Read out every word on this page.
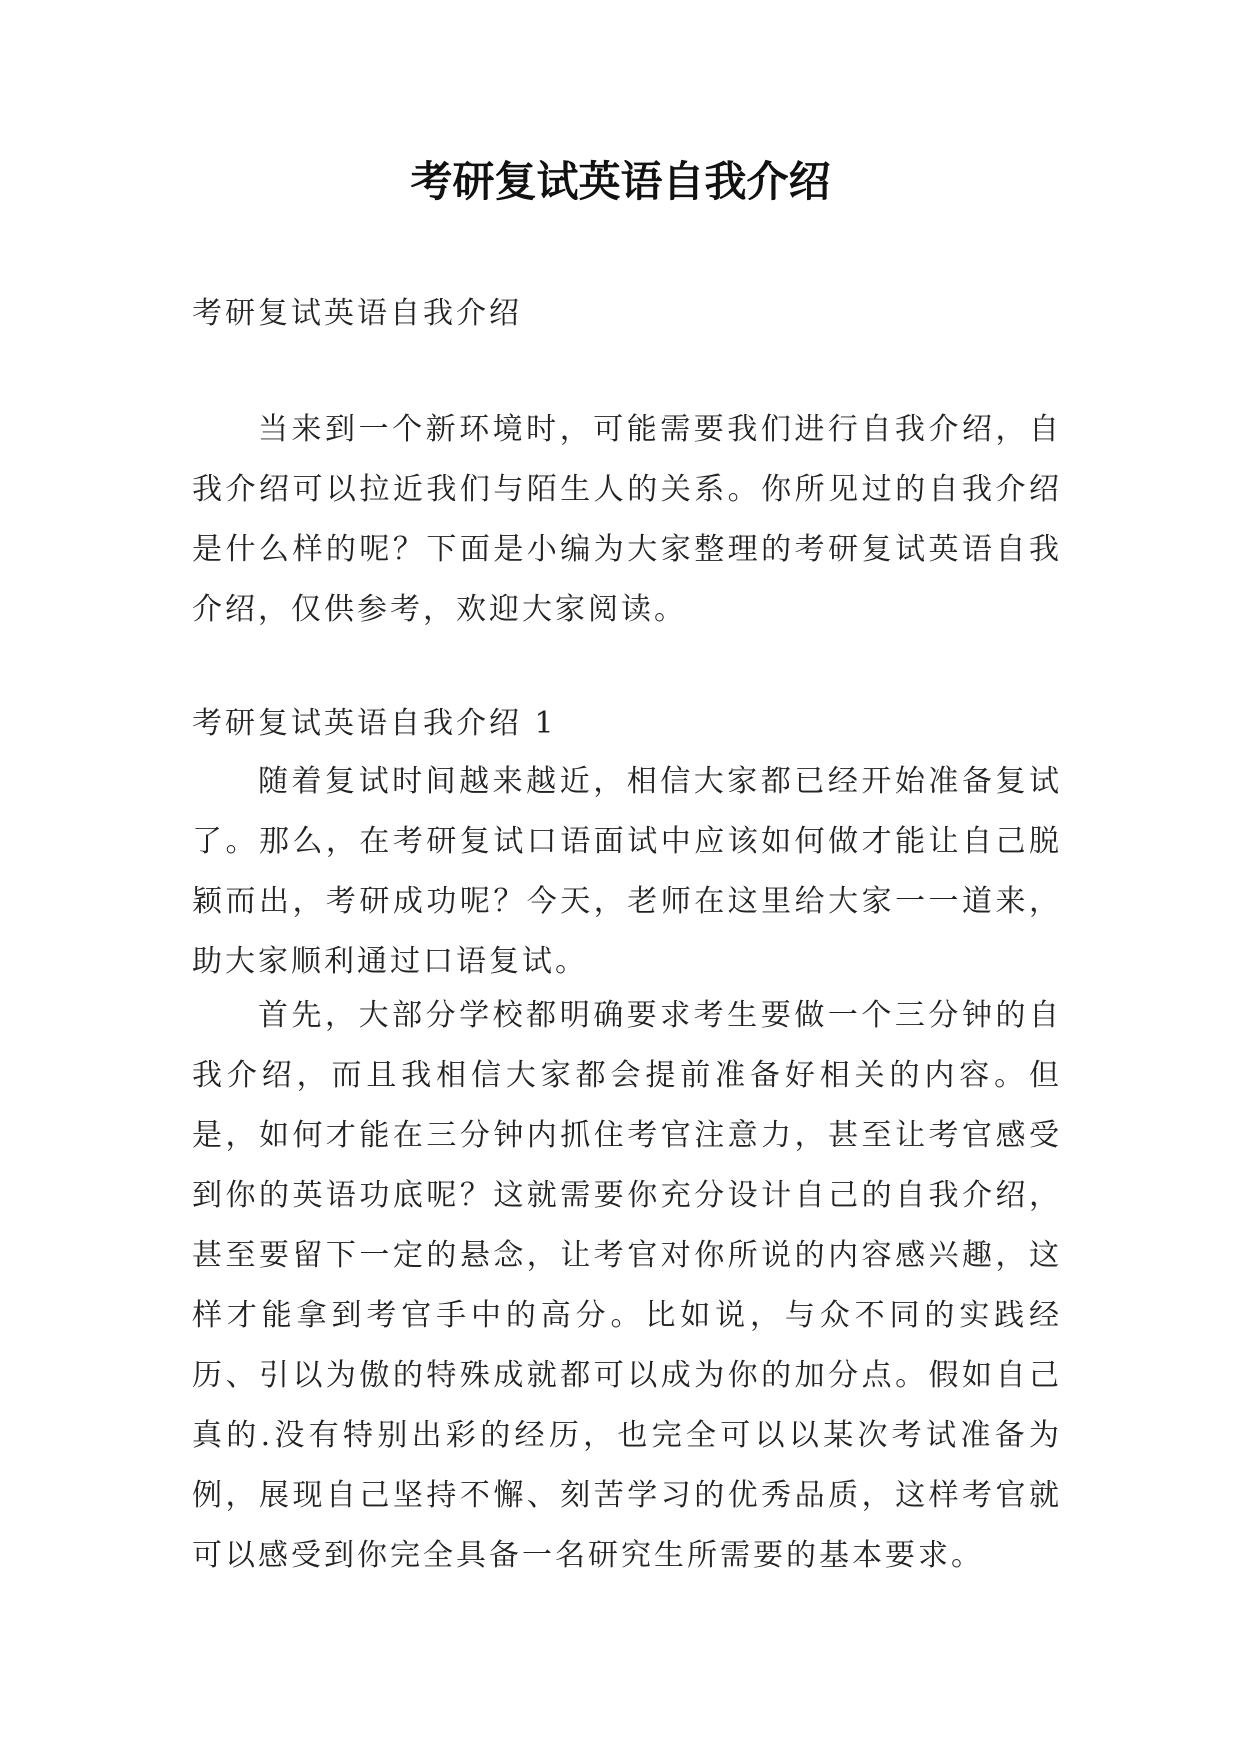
考研复试英语自我介绍

考研复试英语自我介绍

当来到一个新环境时，可能需要我们进行自我介绍，自我介绍可以拉近我们与陌生人的关系。你所见过的自我介绍是什么样的呢？下面是小编为大家整理的考研复试英语自我介绍，仅供参考，欢迎大家阅读。

考研复试英语自我介绍 1

随着复试时间越来越近，相信大家都已经开始准备复试了。那么，在考研复试口语面试中应该如何做才能让自己脱颖而出，考研成功呢？今天，老师在这里给大家一一道来，助大家顺利通过口语复试。

首先，大部分学校都明确要求考生要做一个三分钟的自我介绍，而且我相信大家都会提前准备好相关的内容。但是，如何才能在三分钟内抓住考官注意力，甚至让考官感受到你的英语功底呢？这就需要你充分设计自己的自我介绍，甚至要留下一定的悬念，让考官对你所说的内容感兴趣，这样才能拿到考官手中的高分。比如说，与众不同的实践经历、引以为傲的特殊成就都可以成为你的加分点。假如自己真的.没有特别出彩的经历，也完全可以以某次考试准备为例，展现自己坚持不懈、刻苦学习的优秀品质，这样考官就可以感受到你完全具备一名研究生所需要的基本要求。
